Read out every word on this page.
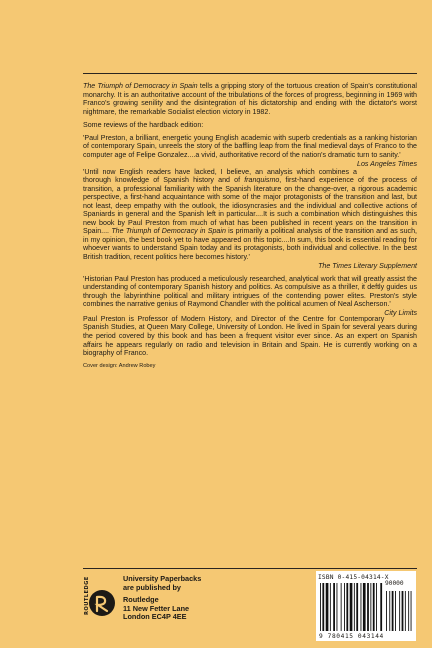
The Triumph of Democracy in Spain tells a gripping story of the tortuous creation of Spain's constitutional monarchy. It is an authoritative account of the tribulations of the forces of progress, beginning in 1969 with Franco's growing senility and the disintegration of his dictatorship and ending with the dictator's worst nightmare, the remarkable Socialist election victory in 1982.

Some reviews of the hardback edition:

'Paul Preston, a brilliant, energetic young English academic with superb credentials as a ranking historian of contemporary Spain, unreels the story of the baffling leap from the final medieval days of Franco to the computer age of Felipe Gonzalez....a vivid, authoritative record of the nation's dramatic turn to sanity.'
Los Angeles Times

'Until now English readers have lacked, I believe, an analysis which combines a thorough knowledge of Spanish history and of franquismo, first-hand experience of the process of transition, a professional familiarity with the Spanish literature on the change-over, a rigorous academic perspective, a first-hand acquaintance with some of the major protagonists of the transition and last, but not least, deep empathy with the outlook, the idiosyncrasies and the individual and collective actions of Spaniards in general and the Spanish left in particular....It is such a combination which distinguishes this new book by Paul Preston from much of what has been published in recent years on the transition in Spain.... The Triumph of Democracy in Spain is primarily a political analysis of the transition and as such, in my opinion, the best book yet to have appeared on this topic....In sum, this book is essential reading for whoever wants to understand Spain today and its protagonists, both individual and collective. In the best British tradition, recent politics here becomes history.'
The Times Literary Supplement

'Historian Paul Preston has produced a meticulously researched, analytical work that will greatly assist the understanding of contemporary Spanish history and politics. As compulsive as a thriller, it deftly guides us through the labyrinthine political and military intrigues of the contending power elites. Preston's style combines the narrative genius of Raymond Chandler with the political acumen of Neal Ascherson.'
City Limits

Paul Preston is Professor of Modern History, and Director of the Centre for Contemporary Spanish Studies, at Queen Mary College, University of London. He lived in Spain for several years during the period covered by this book and has been a frequent visitor ever since. As an expert on Spanish affairs he appears regularly on radio and television in Britain and Spain. He is currently working on a biography of Franco.

Cover design: Andrew Robey
ROUTLEDGE	University Paperbacks
are published by
Routledge
11 New Fetter Lane
London EC4P 4EE
ISBN 0-415-04314-X
90000
9 780415 043144
